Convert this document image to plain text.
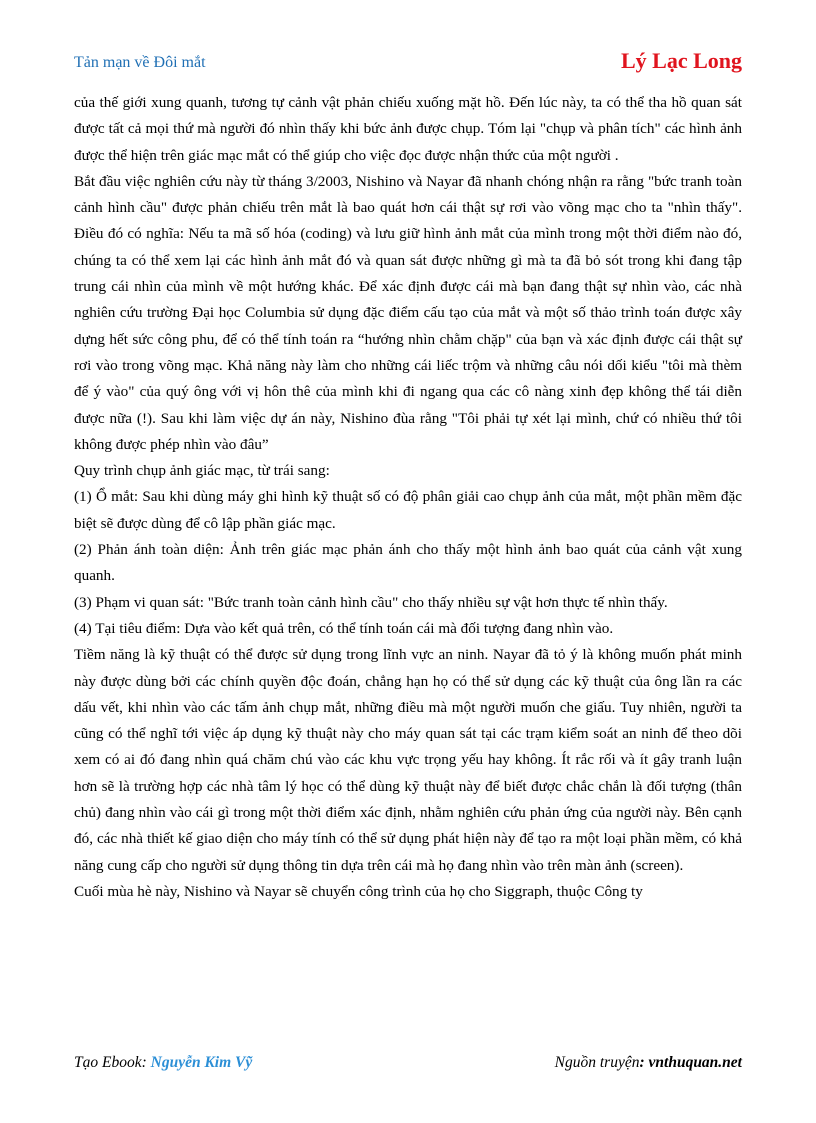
Tản mạn về Đôi mắt	Lý Lạc Long

của thế giới xung quanh, tương tự cảnh vật phản chiếu xuống mặt hồ. Đến lúc này, ta có thể tha hồ quan sát được tất cả mọi thứ mà người đó nhìn thấy khi bức ảnh được chụp. Tóm lại "chụp và phân tích" các hình ảnh được thể hiện trên giác mạc mắt có thể giúp cho việc đọc được nhận thức của một người .

Bắt đầu việc nghiên cứu này từ tháng 3/2003, Nishino và Nayar đã nhanh chóng nhận ra rằng "bức tranh toàn cảnh hình cầu" được phản chiếu trên mắt là bao quát hơn cái thật sự rơi vào võng mạc cho ta "nhìn thấy". Điều đó có nghĩa: Nếu ta mã số hóa (coding) và lưu giữ hình ảnh mắt của mình trong một thời điểm nào đó, chúng ta có thể xem lại các hình ảnh mắt đó và quan sát được những gì mà ta đã bỏ sót trong khi đang tập trung cái nhìn của mình về một hướng khác. Để xác định được cái mà bạn đang thật sự nhìn vào, các nhà nghiên cứu trường Đại học Columbia sử dụng đặc điểm cấu tạo của mắt và một số thảo trình toán được xây dựng hết sức công phu, để có thể tính toán ra “hướng nhìn chằm chặp" của bạn và xác định được cái thật sự rơi vào trong võng mạc. Khả năng này làm cho những cái liếc trộm và những câu nói dối kiểu "tôi mà thèm để ý vào" của quý ông với vị hôn thê của mình khi đi ngang qua các cô nàng xinh đẹp không thể tái diễn được nữa (!). Sau khi làm việc dự án này, Nishino đùa rằng "Tôi phải tự xét lại mình, chứ có nhiều thứ tôi không được phép nhìn vào đâu”

Quy trình chụp ảnh giác mạc, từ trái sang:

(1) Ổ mắt: Sau khi dùng máy ghi hình kỹ thuật số có độ phân giải cao chụp ảnh của mắt, một phần mềm đặc biệt sẽ được dùng để cô lập phần giác mạc.

(2) Phản ánh toàn diện: Ảnh trên giác mạc phản ánh cho thấy một hình ảnh bao quát của cảnh vật xung quanh.

(3) Phạm vi quan sát: "Bức tranh toàn cảnh hình cầu" cho thấy nhiều sự vật hơn thực tế nhìn thấy.

(4) Tại tiêu điểm: Dựa vào kết quả trên, có thể tính toán cái mà đối tượng đang nhìn vào.

Tiềm năng là kỹ thuật có thể được sử dụng trong lĩnh vực an ninh. Nayar đã tỏ ý là không muốn phát minh này được dùng bởi các chính quyền độc đoán, chẳng hạn họ có thể sử dụng các kỹ thuật của ông lần ra các dấu vết, khi nhìn vào các tấm ảnh chụp mắt, những điều mà một người muốn che giấu. Tuy nhiên, người ta cũng có thể nghĩ tới việc áp dụng kỹ thuật này cho máy quan sát tại các trạm kiểm soát an ninh để theo dõi xem có ai đó đang nhìn quá chăm chú vào các khu vực trọng yếu hay không. Ít rắc rối và ít gây tranh luận hơn sẽ là trường hợp các nhà tâm lý học có thể dùng kỹ thuật này để biết được chắc chắn là đối tượng (thân chủ) đang nhìn vào cái gì trong một thời điểm xác định, nhằm nghiên cứu phản ứng của người này. Bên cạnh đó, các nhà thiết kế giao diện cho máy tính có thể sử dụng phát hiện này để tạo ra một loại phần mềm, có khả năng cung cấp cho người sử dụng thông tin dựa trên cái mà họ đang nhìn vào trên màn ảnh (screen).

Cuối mùa hè này, Nishino và Nayar sẽ chuyển công trình của họ cho Siggraph, thuộc Công ty

Tạo Ebook: Nguyễn Kim Vỹ	Nguồn truyện: vnthuquan.net
